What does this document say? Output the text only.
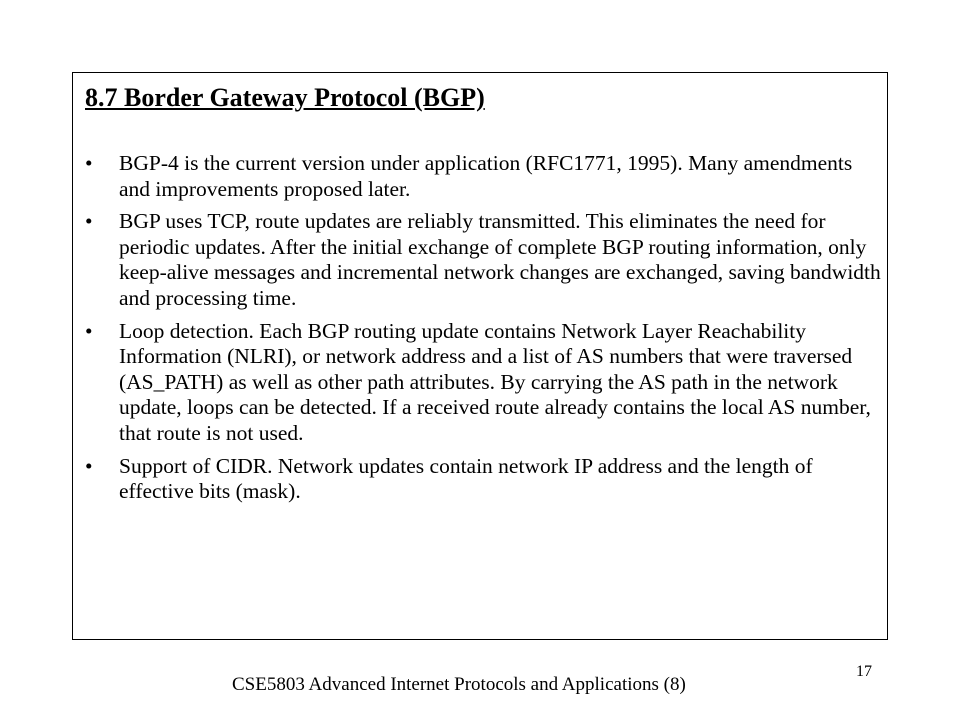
8.7 Border Gateway Protocol (BGP)
• BGP-4 is the current version under application (RFC1771, 1995). Many amendments and improvements proposed later.
• BGP uses TCP, route updates are reliably transmitted. This eliminates the need for periodic updates. After the initial exchange of complete BGP routing information, only keep-alive messages and incremental network changes are exchanged, saving bandwidth and processing time.
• Loop detection. Each BGP routing update contains Network Layer Reachability Information (NLRI), or network address and a list of AS numbers that were traversed (AS_PATH) as well as other path attributes. By carrying the AS path in the network update, loops can be detected. If a received route already contains the local AS number, that route is not used.
• Support of CIDR. Network updates contain network IP address and the length of effective bits (mask).
CSE5803 Advanced Internet Protocols and Applications (8)
17
